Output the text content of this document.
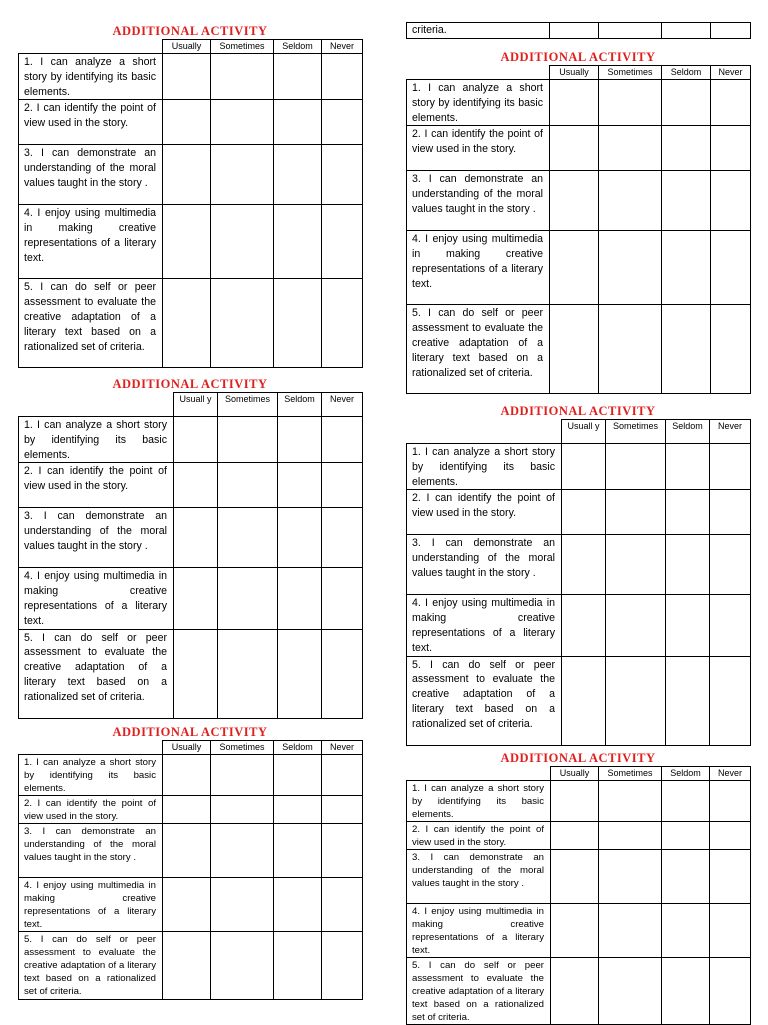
criteria.				
ADDITIONAL ACTIVITY
	Usually	Sometimes	Seldom	Never
1. I can analyze a short story by identifying its basic elements.				
2. I can identify the point of view used in the story.				
3. I can demonstrate an understanding of the moral values taught in the story .				
4. I enjoy using multimedia in making creative representations of a literary text.				
5. I can do self or peer assessment to evaluate the creative adaptation of a literary text based on a rationalized set of criteria.				
ADDITIONAL ACTIVITY
	Usuall y	Sometimes	Seldom	Never
1. I can analyze a short story by identifying its basic elements.				
2. I can identify the point of view used in the story.				
3. I can demonstrate an understanding of the moral values taught in the story .				
4. I enjoy using multimedia in making creative representations of a literary text.				
5. I can do self or peer assessment to evaluate the creative adaptation of a literary text based on a rationalized set of criteria.				
ADDITIONAL ACTIVITY
	Usually	Sometimes	Seldom	Never
1. I can analyze a short story by identifying its basic elements.				
2. I can identify the point of view used in the story.				
3. I can demonstrate an understanding of the moral values taught in the story .				
4. I enjoy using multimedia in making creative representations of a literary text.				
5. I can do self or peer assessment to evaluate the creative adaptation of a literary text based on a rationalized set of criteria.				
ADDITIONAL ACTIVITY
	Usually	Sometimes	Seldom	Never
1. I can analyze a short story by identifying its basic elements.				
2. I can identify the point of view used in the story.				
3. I can demonstrate an understanding of the moral values taught in the story .				
4. I enjoy using multimedia in making creative representations of a literary text.				
5. I can do self or peer assessment to evaluate the creative adaptation of a literary text based on a rationalized set of criteria.				
ADDITIONAL ACTIVITY
	Usuall y	Sometimes	Seldom	Never
1. I can analyze a short story by identifying its basic elements.				
2. I can identify the point of view used in the story.				
3. I can demonstrate an understanding of the moral values taught in the story .				
4. I enjoy using multimedia in making creative representations of a literary text.				
5. I can do self or peer assessment to evaluate the creative adaptation of a literary text based on a rationalized set of criteria.				
ADDITIONAL ACTIVITY
	Usually	Sometimes	Seldom	Never
1. I can analyze a short story by identifying its basic elements.				
2. I can identify the point of view used in the story.				
3. I can demonstrate an understanding of the moral values taught in the story .				
4. I enjoy using multimedia in making creative representations of a literary text.				
5. I can do self or peer assessment to evaluate the creative adaptation of a literary text based on a rationalized set of criteria.				
